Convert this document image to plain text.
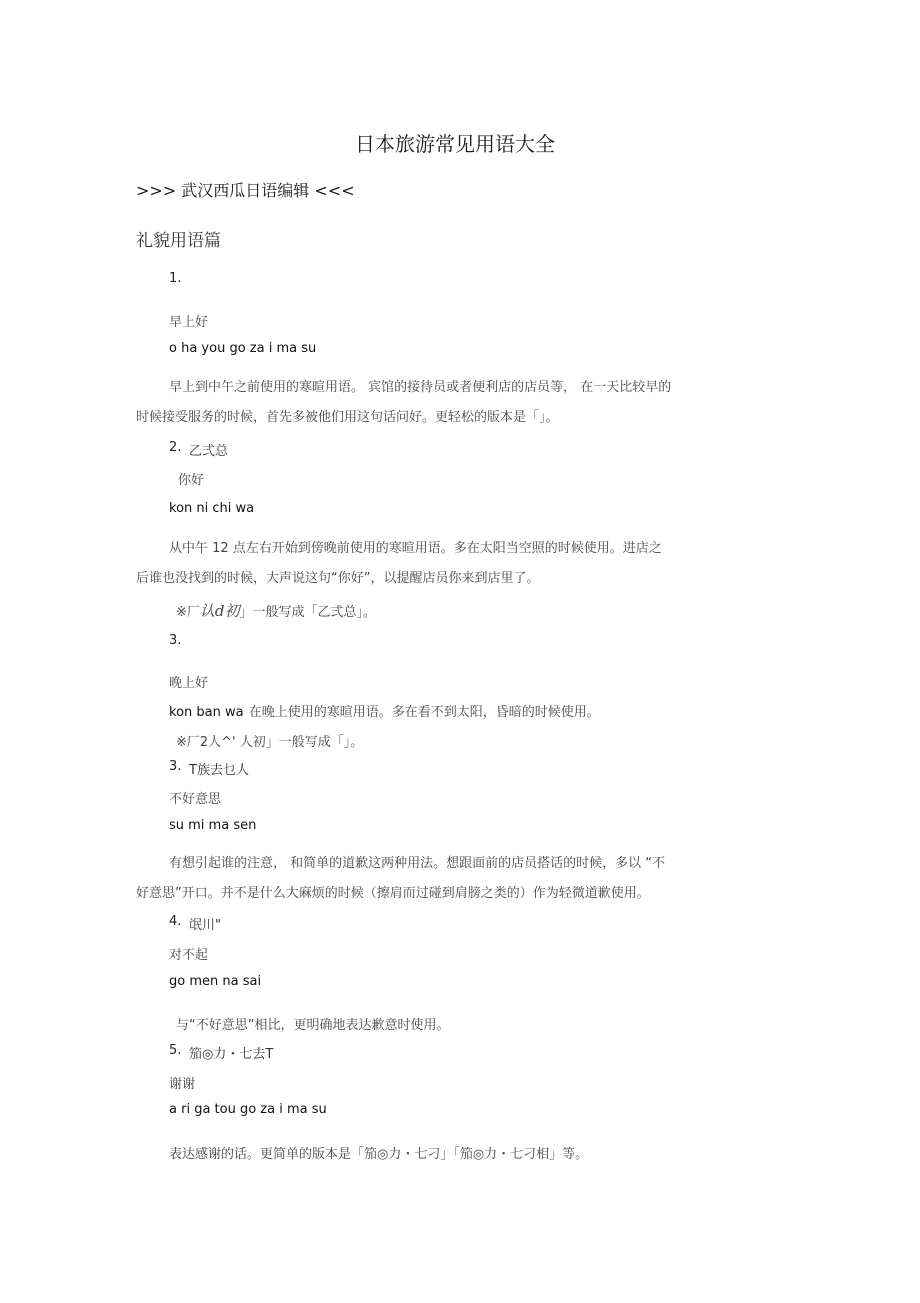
日本旅游常见用语大全
>>> 武汉西瓜日语编辑 <<<
礼貌用语篇
1.
早上好
o ha you go za i ma su
早上到中午之前使用的寒暄用语。 宾馆的接待员或者便利店的店员等， 在一天比较早的
时候接受服务的时候，首先多被他们用这句话问好。更轻松的版本是「」。
2. 乙弍总
你好
kon ni chi wa
从中午 12 点左右开始到傍晚前使用的寒暄用语。多在太阳当空照的时候使用。进店之
后谁也没找到的时候，大声说这句“你好”，以提醒店员你来到店里了。
※厂认d初」一般写成「乙弍总」。
3.
晚上好
kon ban wa 在晚上使用的寒暄用语。多在看不到太阳，昏暗的时候使用。
※厂2人^' 人初」一般写成「」。
3. T族去乜人
不好意思
su mi ma sen
有想引起谁的注意， 和简单的道歉这两种用法。想跟面前的店员搭话的时候，多以 “不
好意思”开口。并不是什么大麻烦的时候（擦肩而过碰到肩膀之类的）作为轻微道歉使用。
4. 氓川"
对不起
go men na sai
与“不好意思”相比，更明确地表达歉意时使用。
5. 笳◎力・七去T
谢谢
a ri ga tou go za i ma su
表达感谢的话。更简单的版本是「笳◎力・七刁」「笳◎力・七刁相」等。
